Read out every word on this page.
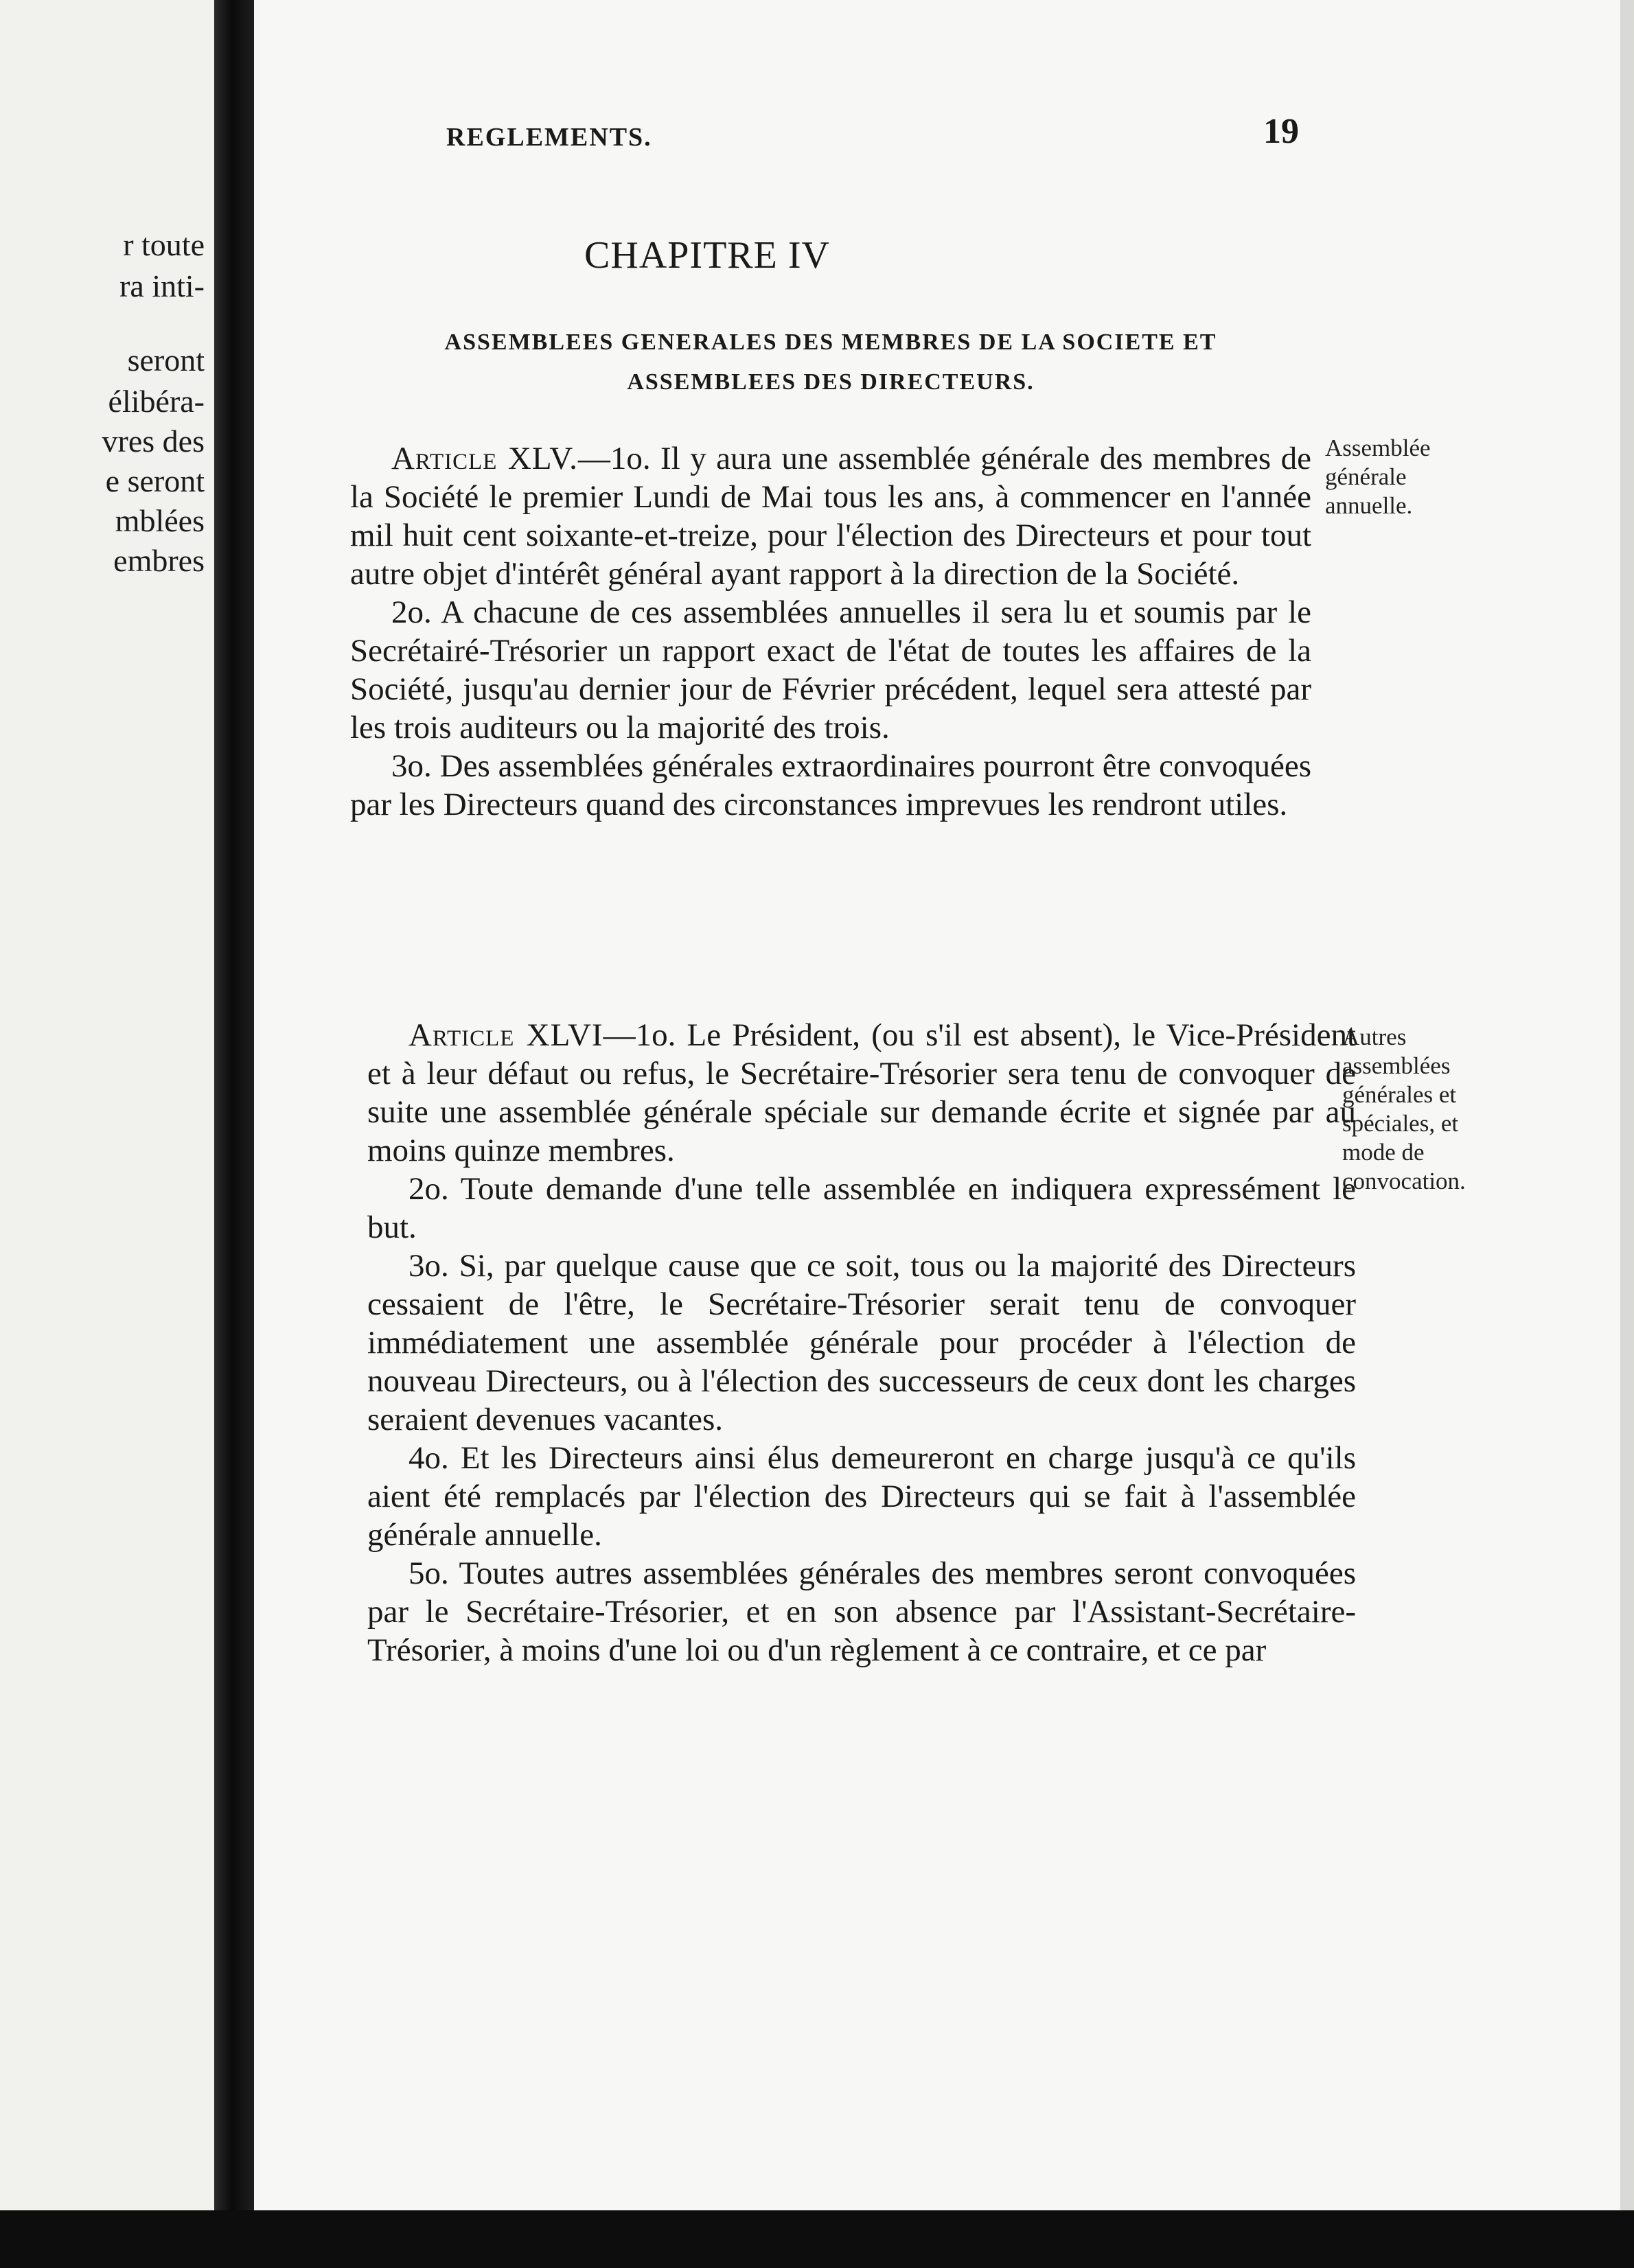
r toute
ra inti-
seront
élibéra-
vres des
e seront
mblées
embres
REGLEMENTS.	19
CHAPITRE IV
ASSEMBLEES GENERALES DES MEMBRES DE LA SOCIETE ET
ASSEMBLEES DES DIRECTEURS.

Article XLV.—1o. Il y aura une assemblée générale des membres de la Société le premier Lundi de Mai tous les ans, à commencer en l'année mil huit cent soixante-et-treize, pour l'élection des Directeurs et pour tout autre objet d'intérêt général ayant rapport à la direction de la Société.

2o. A chacune de ces assemblées annuelles il sera lu et soumis par le Secrétairé-Trésorier un rapport exact de l'état de toutes les affaires de la Société, jusqu'au dernier jour de Février précédent, lequel sera attesté par les trois auditeurs ou la majorité des trois.

3o. Des assemblées générales extraordinaires pourront être convoquées par les Directeurs quand des circonstances imprevues les rendront utiles.

Assemblée générale annuelle.

Article XLVI—1o. Le Président, (ou s'il est absent), le Vice-Président et à leur défaut ou refus, le Secrétaire-Trésorier sera tenu de convoquer de suite une assemblée générale spéciale sur demande écrite et signée par au moins quinze membres.

2o. Toute demande d'une telle assemblée en indiquera expressément le but.

3o. Si, par quelque cause que ce soit, tous ou la majorité des Directeurs cessaient de l'être, le Secrétaire-Trésorier serait tenu de convoquer immédiatement une assemblée générale pour procéder à l'élection de nouveau Directeurs, ou à l'élection des successeurs de ceux dont les charges seraient devenues vacantes.

4o. Et les Directeurs ainsi élus demeureront en charge jusqu'à ce qu'ils aient été remplacés par l'élection des Directeurs qui se fait à l'assemblée générale annuelle.

5o. Toutes autres assemblées générales des membres seront convoquées par le Secrétaire-Trésorier, et en son absence par l'Assistant-Secrétaire-Trésorier, à moins d'une loi ou d'un règlement à ce contraire, et ce par

Autres assemblées générales et spéciales, et mode de convocation.
